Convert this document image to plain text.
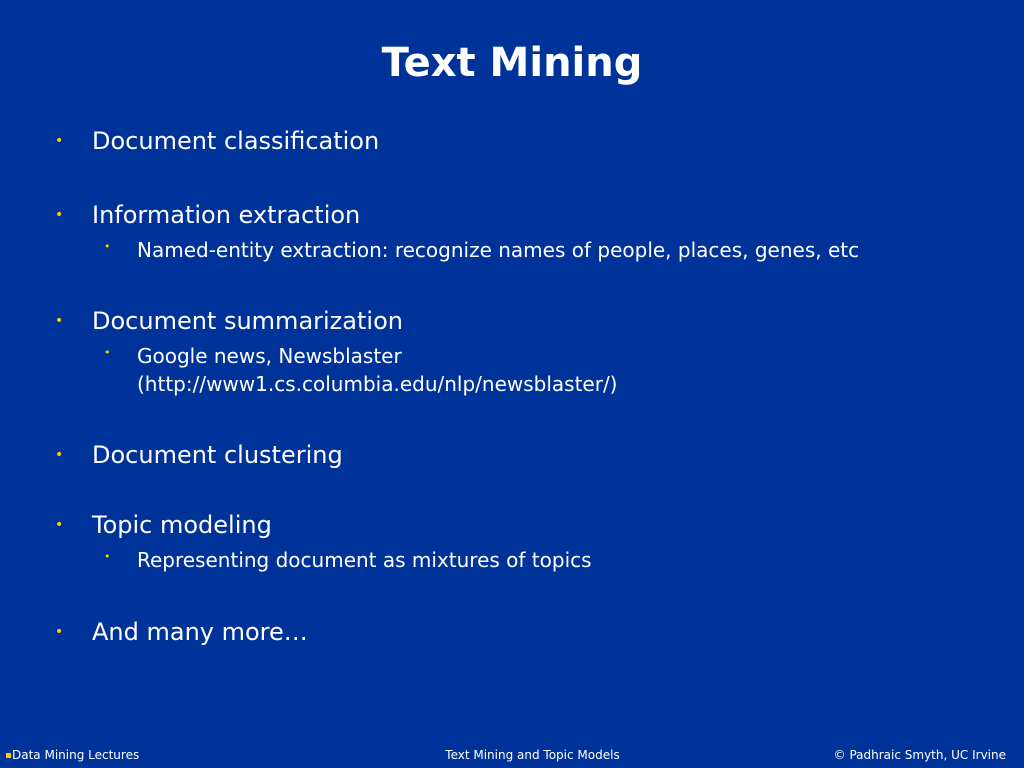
Text Mining
• Document classification
• Information extraction
• Named-entity extraction: recognize names of people, places, genes, etc
• Document summarization
• Google news, Newsblaster
(http://www1.cs.columbia.edu/nlp/newsblaster/)
• Document clustering
• Topic modeling
• Representing document as mixtures of topics
• And many more…
Data Mining Lectures	Text Mining and Topic Models	© Padhraic Smyth, UC Irvine
